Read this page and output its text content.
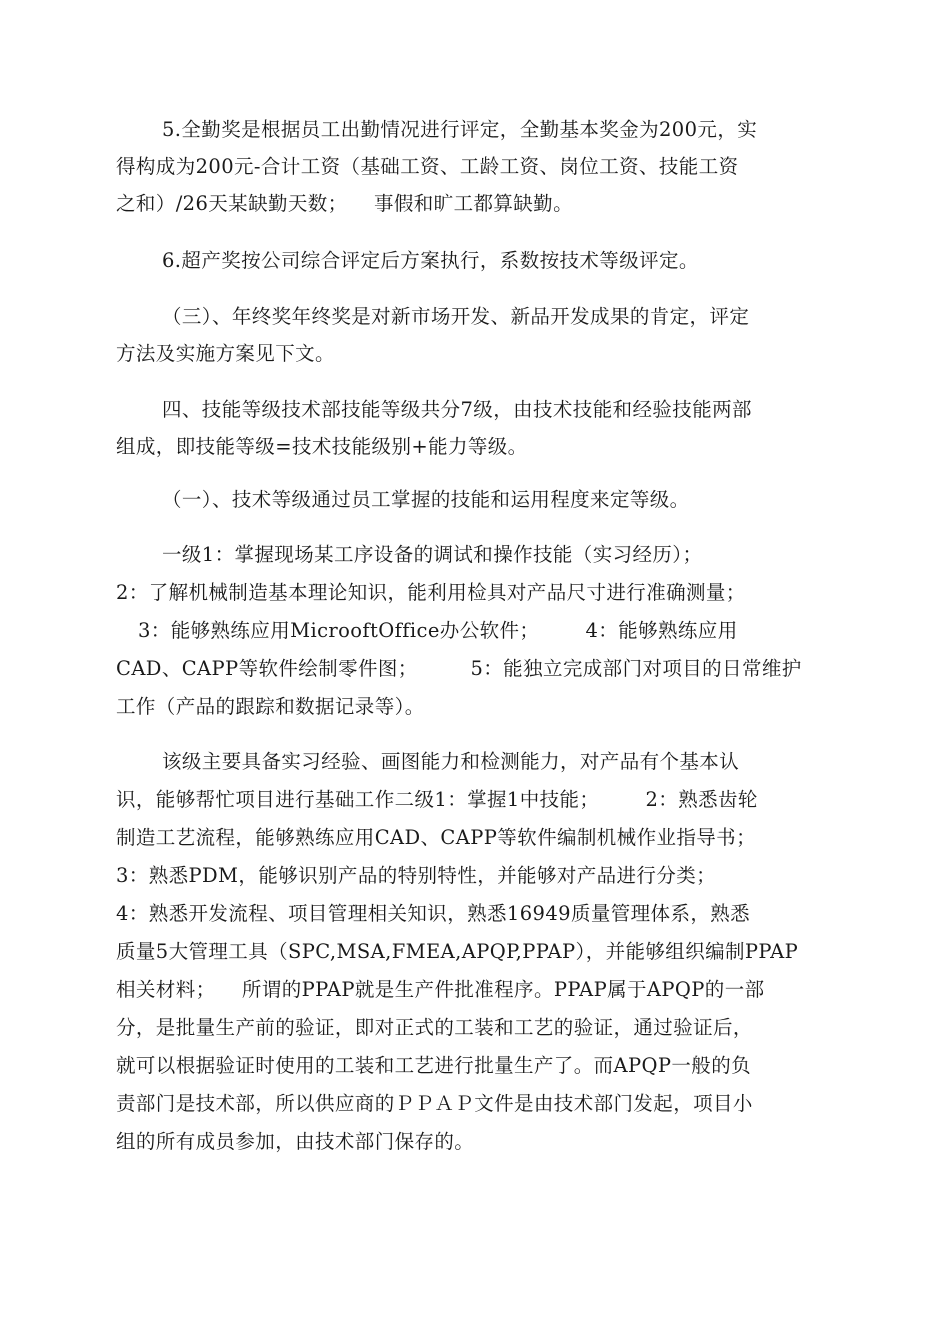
5.全勤奖是根据员工出勤情况进行评定，全勤基本奖金为200元，实
得构成为200元-合计工资（基础工资、工龄工资、岗位工资、技能工资
之和）/26天某缺勤天数；    事假和旷工都算缺勤。
6.超产奖按公司综合评定后方案执行，系数按技术等级评定。
（三）、年终奖年终奖是对新市场开发、新品开发成果的肯定，评定
方法及实施方案见下文。
四、技能等级技术部技能等级共分7级，由技术技能和经验技能两部
组成，即技能等级=技术技能级别+能力等级。
（一）、技术等级通过员工掌握的技能和运用程度来定等级。
一级1：掌握现场某工序设备的调试和操作技能（实习经历）；
2：了解机械制造基本理论知识，能利用检具对产品尺寸进行准确测量；
3：能够熟练应用MicrooftOffice办公软件；       4：能够熟练应用
CAD、CAPP等软件绘制零件图；        5：能独立完成部门对项目的日常维护
工作（产品的跟踪和数据记录等）。
该级主要具备实习经验、画图能力和检测能力，对产品有个基本认
识，能够帮忙项目进行基础工作二级1：掌握1中技能；       2：熟悉齿轮
制造工艺流程，能够熟练应用CAD、CAPP等软件编制机械作业指导书；
3：熟悉PDM，能够识别产品的特别特性，并能够对产品进行分类；
4：熟悉开发流程、项目管理相关知识，熟悉16949质量管理体系，熟悉
质量5大管理工具（SPC,MSA,FMEA,APQP,PPAP），并能够组织编制PPAP
相关材料；    所谓的PPAP就是生产件批准程序。PPAP属于APQP的一部
分，是批量生产前的验证，即对正式的工装和工艺的验证，通过验证后，
就可以根据验证时使用的工装和工艺进行批量生产了。而APQP一般的负
责部门是技术部，所以供应商的ＰＰＡＰ文件是由技术部门发起，项目小
组的所有成员参加，由技术部门保存的。
